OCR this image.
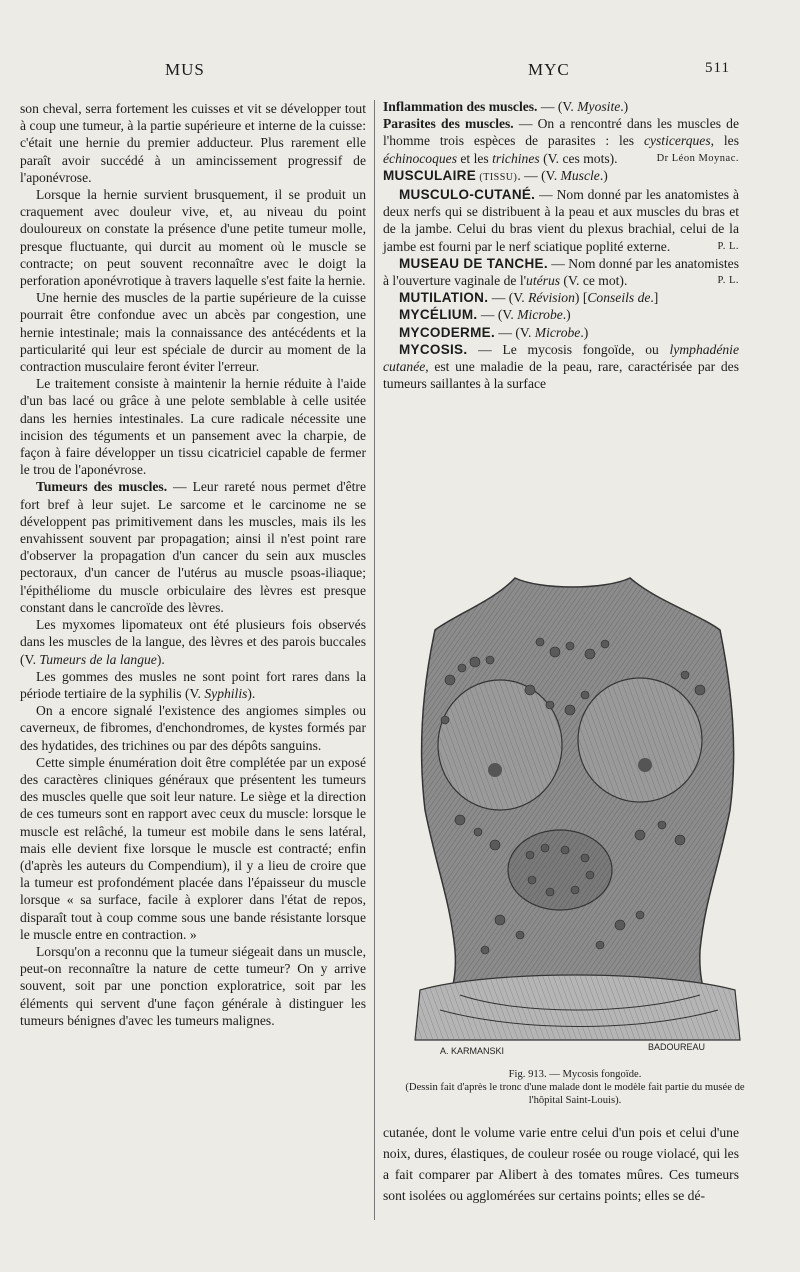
MUS	MYC	511

son cheval, serra fortement les cuisses et vit se développer tout à coup une tumeur, à la partie supérieure et interne de la cuisse: c'était une hernie du premier adducteur. Plus rarement elle paraît avoir succédé à un amincissement progressif de l'aponévrose.

Lorsque la hernie survient brusquement, il se produit un craquement avec douleur vive, et, au niveau du point douloureux on constate la présence d'une petite tumeur molle, presque fluctuante, qui durcit au moment où le muscle se contracte; on peut souvent reconnaître avec le doigt la perforation aponévrotique à travers laquelle s'est faite la hernie.

Une hernie des muscles de la partie supérieure de la cuisse pourrait être confondue avec un abcès par congestion, une hernie intestinale; mais la connaissance des antécédents et la particularité qui leur est spéciale de durcir au moment de la contraction musculaire feront éviter l'erreur.

Le traitement consiste à maintenir la hernie réduite à l'aide d'un bas lacé ou grâce à une pelote semblable à celle usitée dans les hernies intestinales. La cure radicale nécessite une incision des téguments et un pansement avec la charpie, de façon à faire développer un tissu cicatriciel capable de fermer le trou de l'aponévrose.

Tumeurs des muscles. — Leur rareté nous permet d'être fort bref à leur sujet. Le sarcome et le carcinome ne se développent pas primitivement dans les muscles, mais ils les envahissent souvent par propagation; ainsi il n'est point rare d'observer la propagation d'un cancer du sein aux muscles pectoraux, d'un cancer de l'utérus au muscle psoas-iliaque; l'épithéliome du muscle orbiculaire des lèvres est presque constant dans le cancroïde des lèvres.

Les myxomes lipomateux ont été plusieurs fois observés dans les muscles de la langue, des lèvres et des parois buccales (V. Tumeurs de la langue).

Les gommes des musles ne sont point fort rares dans la période tertiaire de la syphilis (V. Syphilis).

On a encore signalé l'existence des angiomes simples ou caverneux, de fibromes, d'enchondromes, de kystes formés par des hydatides, des trichines ou par des dépôts sanguins.

Cette simple énumération doit être complétée par un exposé des caractères cliniques généraux que présentent les tumeurs des muscles quelle que soit leur nature. Le siège et la direction de ces tumeurs sont en rapport avec ceux du muscle: lorsque le muscle est relâché, la tumeur est mobile dans le sens latéral, mais elle devient fixe lorsque le muscle est contracté; enfin (d'après les auteurs du Compendium), il y a lieu de croire que la tumeur est profondément placée dans l'épaisseur du muscle lorsque « sa surface, facile à explorer dans l'état de repos, disparaît tout à coup comme sous une bande résistante lorsque le muscle entre en contraction. »

Lorsqu'on a reconnu que la tumeur siégeait dans un muscle, peut-on reconnaître la nature de cette tumeur? On y arrive souvent, soit par une ponction exploratrice, soit par les éléments qui servent d'une façon générale à distinguer les tumeurs bénignes d'avec les tumeurs malignes.

Inflammation des muscles. — (V. Myosite.)

Parasites des muscles. — On a rencontré dans les muscles de l'homme trois espèces de parasites : les cysticerques, les échinocoques et les trichines (V. ces mots).	Dr Léon Moynac.

MUSCULAIRE (TISSU). — (V. Muscle.)

MUSCULO-CUTANÉ. — Nom donné par les anatomistes à deux nerfs qui se distribuent à la peau et aux muscles du bras et de la jambe. Celui du bras vient du plexus brachial, celui de la jambe est fourni par le nerf sciatique poplité externe.	P. L.

MUSEAU DE TANCHE. — Nom donné par les anatomistes à l'ouverture vaginale de l'utérus (V. ce mot).	P. L.

MUTILATION. — (V. Révision) [Conseils de.]

MYCÉLIUM. — (V. Microbe.)

MYCODERME. — (V. Microbe.)

MYCOSIS. — Le mycosis fongoïde, ou lymphadénie cutanée, est une maladie de la peau, rare, caractérisée par des tumeurs saillantes à la surface

A. KARMANSKI	BADOUREAU
Fig. 913. — Mycosis fongoïde.
(Dessin fait d'après le tronc d'une malade dont le modèle fait partie du musée de l'hôpital Saint-Louis).

cutanée, dont le volume varie entre celui d'un pois et celui d'une noix, dures, élastiques, de couleur rosée ou rouge violacé, qui les a fait comparer par Alibert à des tomates mûres. Ces tumeurs sont isolées ou agglomérées sur certains points; elles se dé-
